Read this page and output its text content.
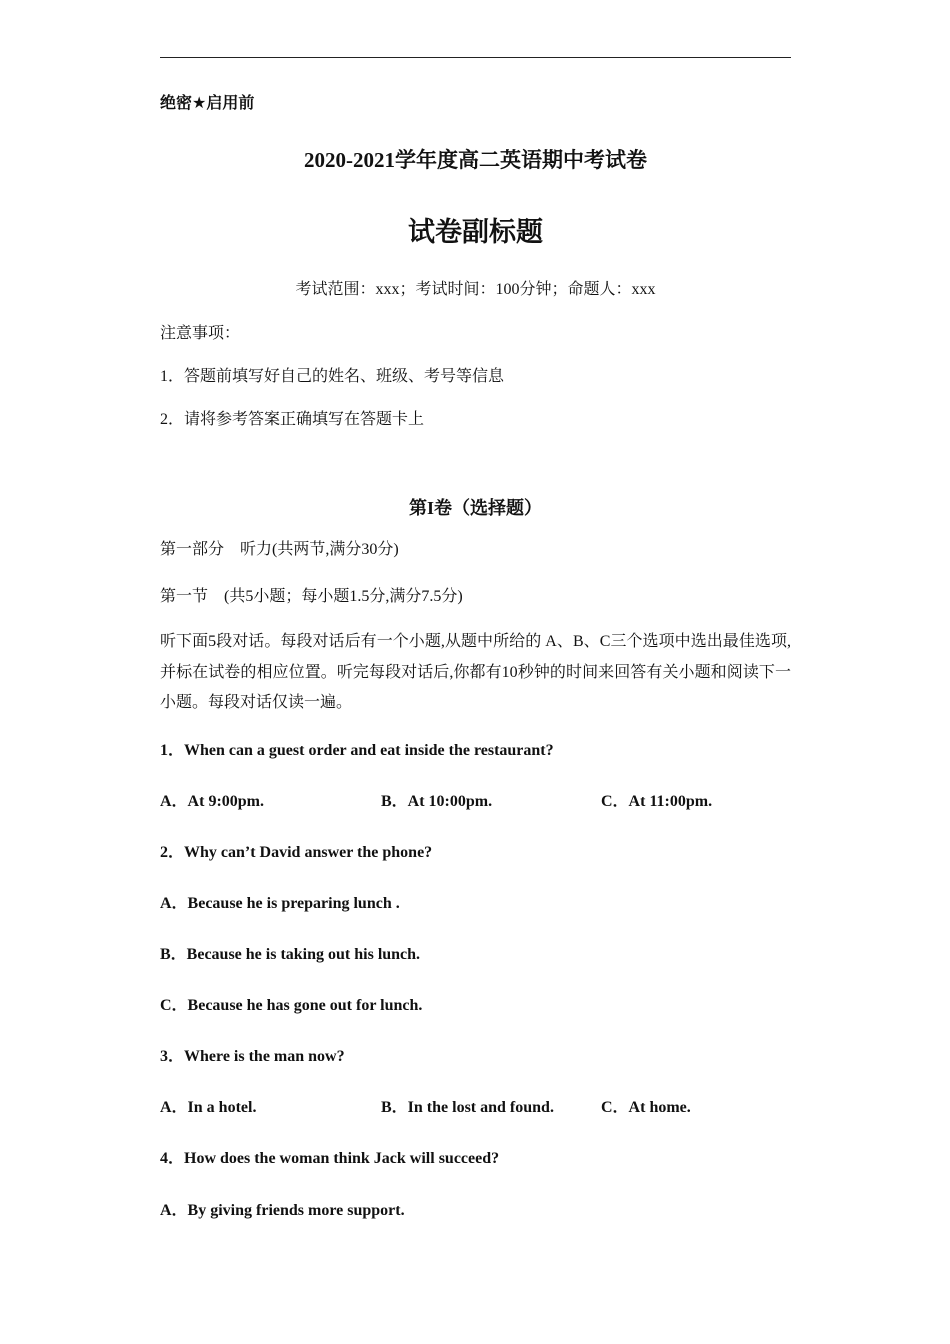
绝密★启用前
2020-2021学年度高二英语期中考试卷
试卷副标题
考试范围：xxx；考试时间：100分钟；命题人：xxx
注意事项：
1．答题前填写好自己的姓名、班级、考号等信息
2．请将参考答案正确填写在答题卡上
第I卷（选择题）
第一部分　听力(共两节,满分30分)
第一节　(共5小题；每小题1.5分,满分7.5分)
听下面5段对话。每段对话后有一个小题,从题中所给的 A、B、C三个选项中选出最佳选项,并标在试卷的相应位置。听完每段对话后,你都有10秒钟的时间来回答有关小题和阅读下一小题。每段对话仅读一遍。
1．When can a guest order and eat inside the restaurant?
A．At 9:00pm.	B．At 10:00pm.	C．At 11:00pm.
2．Why can’t David answer the phone?
A．Because he is preparing lunch .
B．Because he is taking out his lunch.
C．Because he has gone out for lunch.
3．Where is the man now?
A．In a hotel.	B．In the lost and found.	C．At home.
4．How does the woman think Jack will succeed?
A．By giving friends more support.
